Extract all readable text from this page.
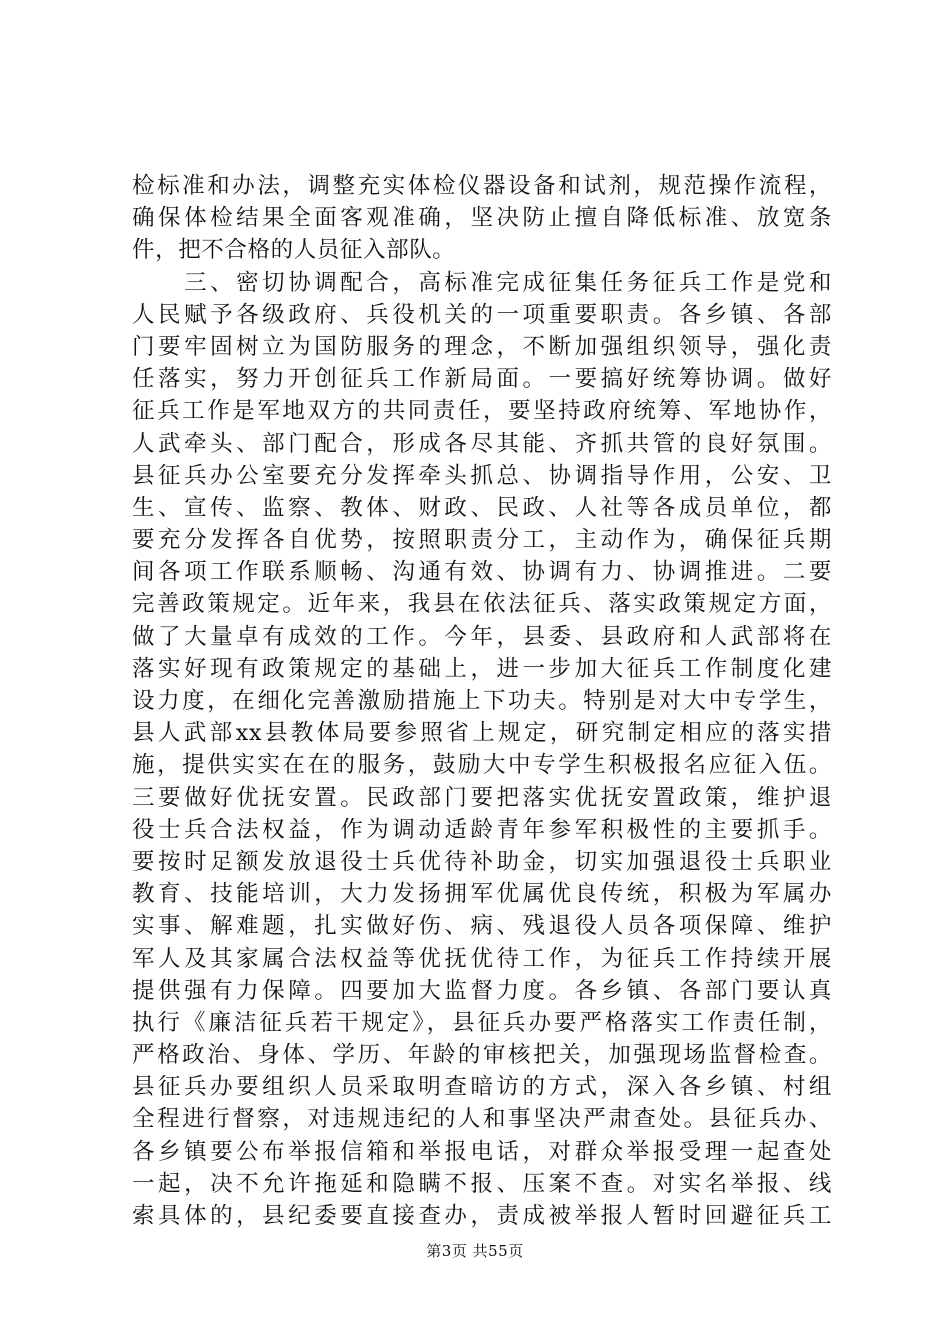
检标准和办法，调整充实体检仪器设备和试剂，规范操作流程，
确保体检结果全面客观准确，坚决防止擅自降低标准、放宽条
件，把不合格的人员征入部队。
　　三、密切协调配合，高标准完成征集任务征兵工作是党和
人民赋予各级政府、兵役机关的一项重要职责。各乡镇、各部
门要牢固树立为国防服务的理念，不断加强组织领导，强化责
任落实，努力开创征兵工作新局面。一要搞好统筹协调。做好
征兵工作是军地双方的共同责任，要坚持政府统筹、军地协作，
人武牵头、部门配合，形成各尽其能、齐抓共管的良好氛围。
县征兵办公室要充分发挥牵头抓总、协调指导作用，公安、卫
生、宣传、监察、教体、财政、民政、人社等各成员单位，都
要充分发挥各自优势，按照职责分工，主动作为，确保征兵期
间各项工作联系顺畅、沟通有效、协调有力、协调推进。二要
完善政策规定。近年来，我县在依法征兵、落实政策规定方面，
做了大量卓有成效的工作。今年，县委、县政府和人武部将在
落实好现有政策规定的基础上，进一步加大征兵工作制度化建
设力度，在细化完善激励措施上下功夫。特别是对大中专学生，
县人武部xx县教体局要参照省上规定，研究制定相应的落实措
施，提供实实在在的服务，鼓励大中专学生积极报名应征入伍。
三要做好优抚安置。民政部门要把落实优抚安置政策，维护退
役士兵合法权益，作为调动适龄青年参军积极性的主要抓手。
要按时足额发放退役士兵优待补助金，切实加强退役士兵职业
教育、技能培训，大力发扬拥军优属优良传统，积极为军属办
实事、解难题，扎实做好伤、病、残退役人员各项保障、维护
军人及其家属合法权益等优抚优待工作，为征兵工作持续开展
提供强有力保障。四要加大监督力度。各乡镇、各部门要认真
执行《廉洁征兵若干规定》，县征兵办要严格落实工作责任制，
严格政治、身体、学历、年龄的审核把关，加强现场监督检查。
县征兵办要组织人员采取明查暗访的方式，深入各乡镇、村组
全程进行督察，对违规违纪的人和事坚决严肃查处。县征兵办、
各乡镇要公布举报信箱和举报电话，对群众举报受理一起查处
一起，决不允许拖延和隐瞒不报、压案不查。对实名举报、线
索具体的，县纪委要直接查办，责成被举报人暂时回避征兵工
第3页 共55页
